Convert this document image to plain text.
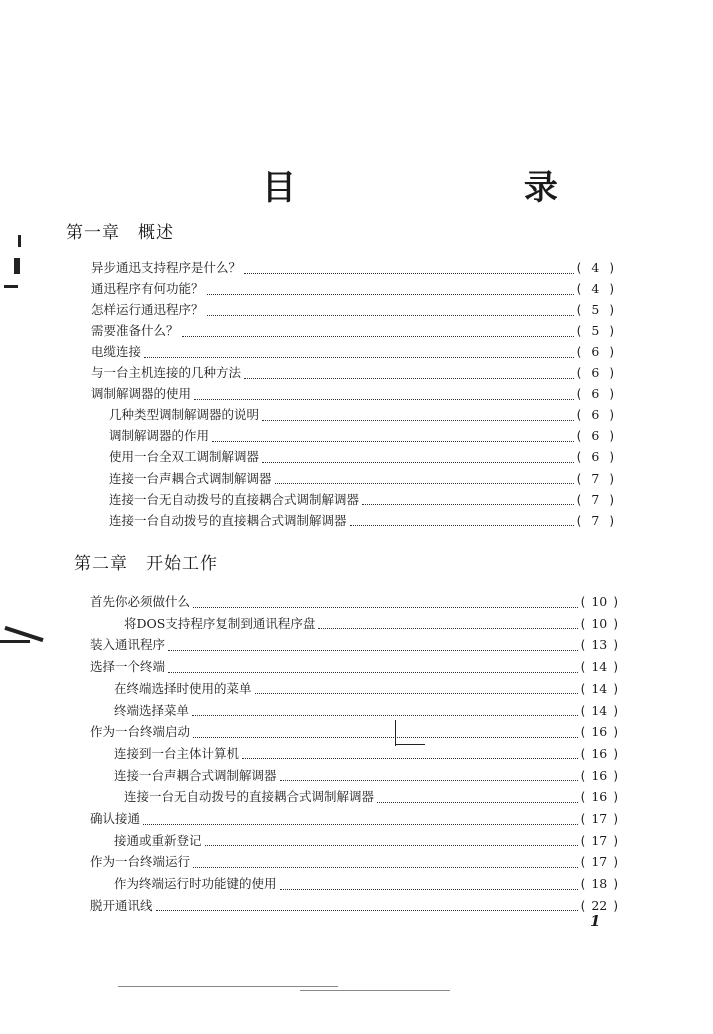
目 录
第一章　概述
异步通迅支持程序是什么？	( 4 )
通迅程序有何功能？	( 4 )
怎样运行通迅程序？	( 5 )
需要准备什么？	( 5 )
电缆连接	( 6 )
与一台主机连接的几种方法	( 6 )
调制解调器的使用	( 6 )
几种类型调制解调器的说明	( 6 )
调制解调器的作用	( 6 )
使用一台全双工调制解调器	( 6 )
连接一台声耦合式调制解调器	( 7 )
连接一台无自动拨号的直接耦合式调制解调器	( 7 )
连接一台自动拨号的直接耦合式调制解调器	( 7 )
第二章　开始工作
首先你必须做什么	( 10 )
将DOS支持程序复制到通讯程序盘	( 10 )
装入通讯程序	( 13 )
选择一个终端	( 14 )
在终端选择时使用的菜单	( 14 )
终端选择菜单	( 14 )
作为一台终端启动	( 16 )
连接到一台主体计算机	( 16 )
连接一台声耦合式调制解调器	( 16 )
连接一台无自动拨号的直接耦合式调制解调器	( 16 )
确认接通	( 17 )
接通或重新登记	( 17 )
作为一台终端运行	( 17 )
作为终端运行时功能键的使用	( 18 )
脱开通讯线	( 22 )
1
